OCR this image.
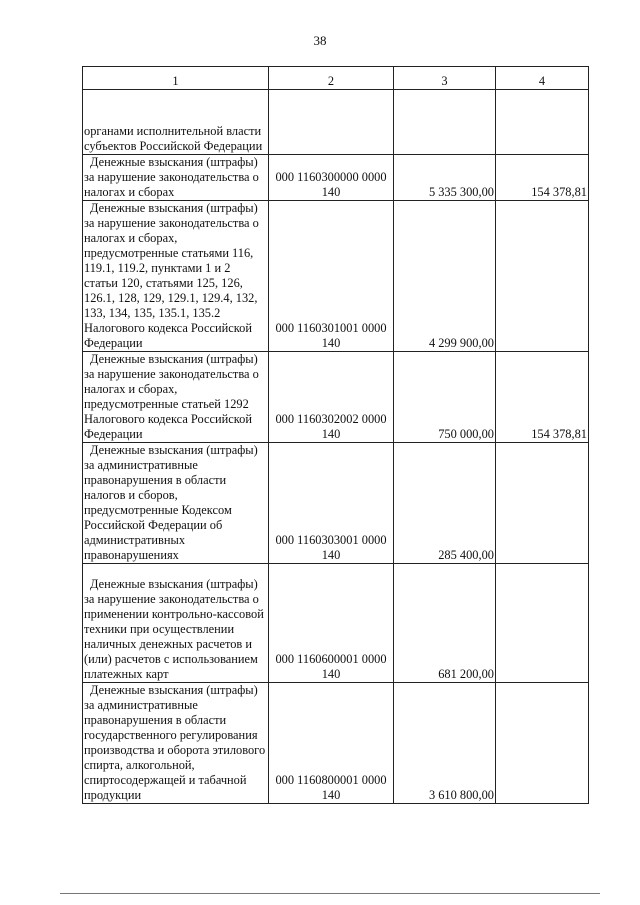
38
1	2	3	4

органами исполнительной власти субъектов Российской Федерации			

Денежные взыскания (штрафы) за нарушение законодательства о налогах и сборах	000 1160300000 0000 140	5 335 300,00	154 378,81

Денежные взыскания (штрафы) за нарушение законодательства о налогах и сборах, предусмотренные статьями 116, 119.1, 119.2, пунктами 1 и 2 статьи 120, статьями 125, 126, 126.1, 128, 129, 129.1, 129.4, 132, 133, 134, 135, 135.1, 135.2 Налогового кодекса Российской Федерации	000 1160301001 0000 140	4 299 900,00	

Денежные взыскания (штрафы) за нарушение законодательства о налогах и сборах, предусмотренные статьей 1292 Налогового кодекса Российской Федерации	000 1160302002 0000 140	750 000,00	154 378,81

Денежные взыскания (штрафы) за административные правонарушения в области налогов и сборов, предусмотренные Кодексом Российской Федерации об административных правонарушениях	000 1160303001 0000 140	285 400,00	

Денежные взыскания (штрафы) за нарушение законодательства о применении контрольно-кассовой техники при осуществлении наличных денежных расчетов и (или) расчетов с использованием платежных карт	000 1160600001 0000 140	681 200,00	

Денежные взыскания (штрафы) за административные правонарушения в области государственного регулирования производства и оборота этилового спирта, алкогольной, спиртосодержащей и табачной продукции	000 1160800001 0000 140	3 610 800,00	
